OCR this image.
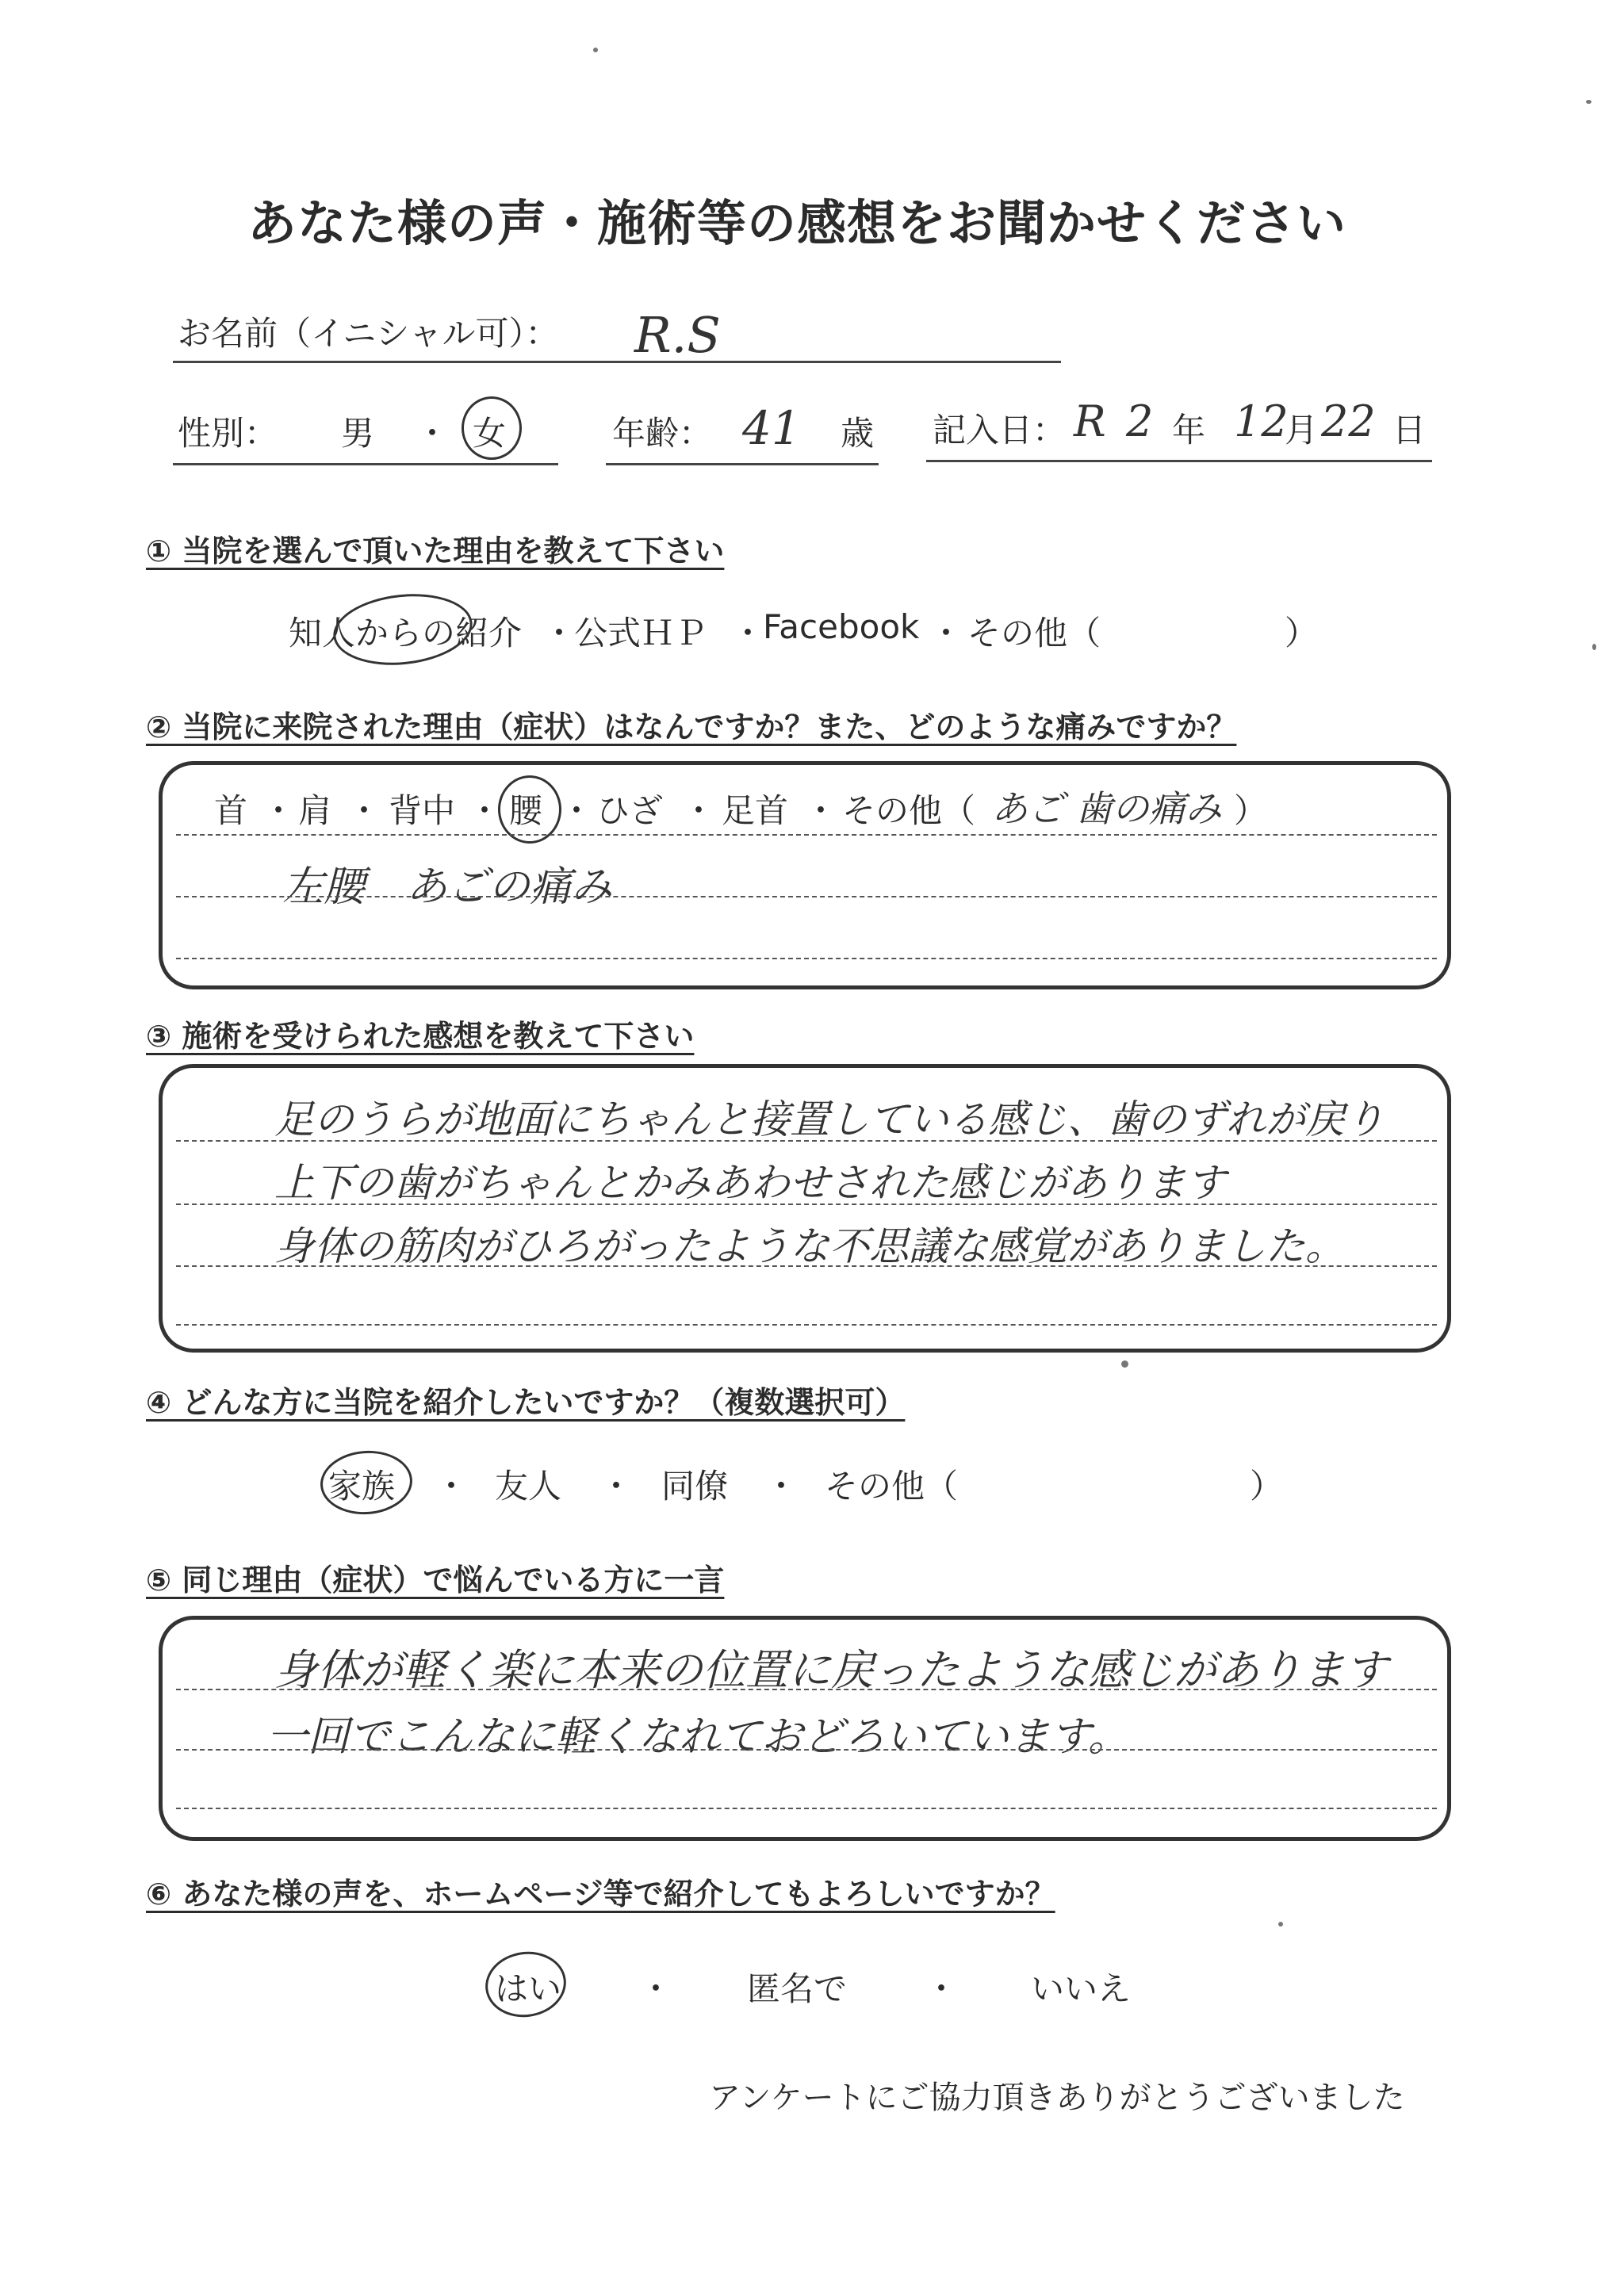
あなた様の声・施術等の感想をお聞かせください
お名前（イニシャル可）： R.S
性別： 男 ・ 女	年齢： 41 歳 記入日： R 2 年 12
月 22 日
① 当院を選んで頂いた理由を教えて下さい
知人からの紹介 ・
公式ＨＰ ・
Facebook ・ その他（	）
② 当院に来院された理由（症状）はなんですか？また、どのような痛みですか？
首 ・ 肩 ・ 背中 ・ 腰 ・ ひざ ・ 足首 ・ その他（ あご 歯の痛み ）
左腰　あごの痛み
③ 施術を受けられた感想を教えて下さい
足のうらが地面にちゃんと接置している感じ、歯のずれが戻り
上下の歯がちゃんとかみあわせされた感じがあります
身体の筋肉がひろがったような不思議な感覚がありました。
④ どんな方に当院を紹介したいですか？（複数選択可）
家族 ・ 友人 ・ 同僚 ・ その他（	）
⑤ 同じ理由（症状）で悩んでいる方に一言
身体が軽く楽に本来の位置に戻ったような感じがあります
一回でこんなに軽くなれておどろいています。
⑥ あなた様の声を、ホームページ等で紹介してもよろしいですか？
はい ・ 匿名で ・ いいえ
アンケートにご協力頂きありがとうございました
